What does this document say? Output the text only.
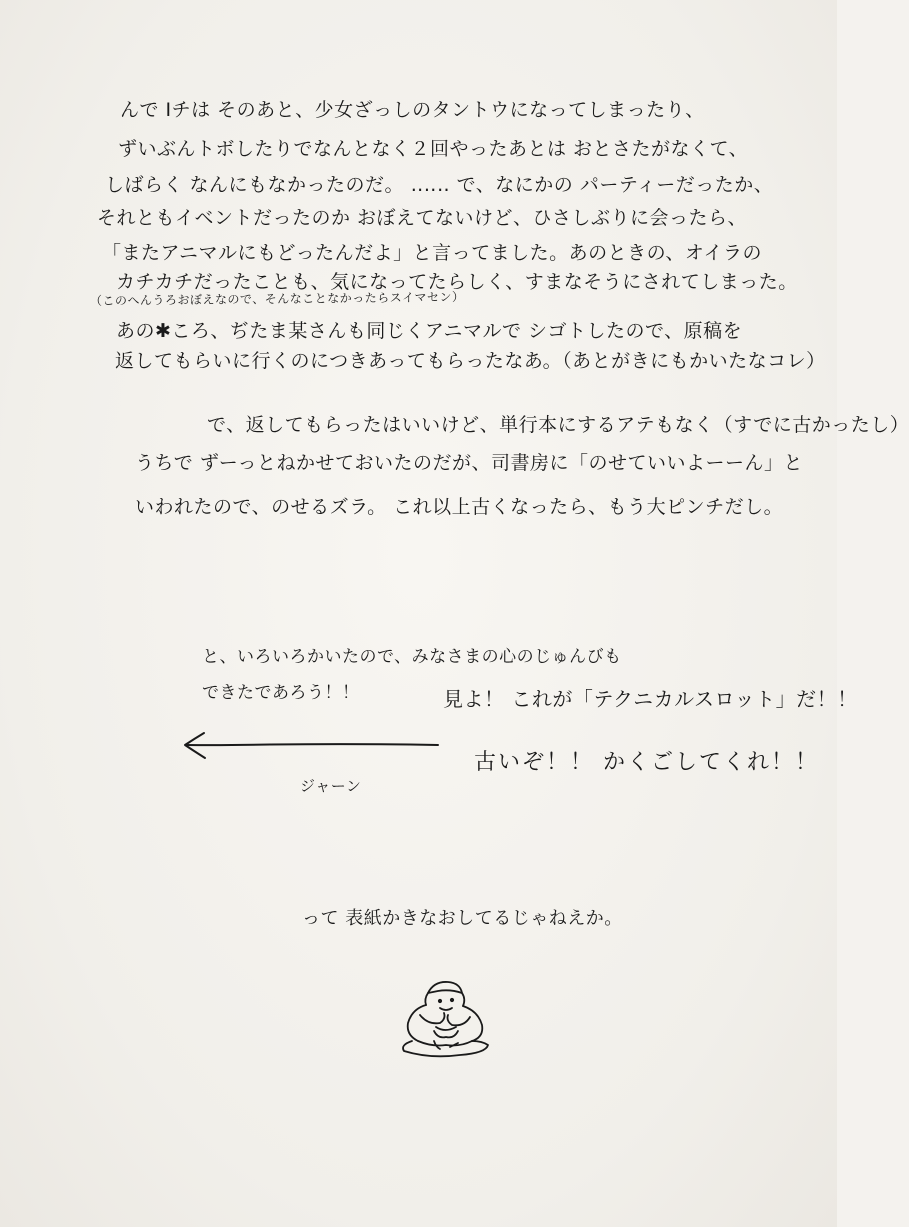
んで Iチは そのあと、少女ざっしのタントウになってしまったり、
ずいぶんトボしたりでなんとなく２回やったあとは おとさたがなくて、
しばらく なんにもなかったのだ。 ‥‥‥ で、なにかの パーティーだったか、
それともイベントだったのか おぼえてないけど、ひさしぶりに会ったら、
「またアニマルにもどったんだよ」と言ってました。あのときの、オイラの
カチカチだったことも、気になってたらしく、すまなそうにされてしまった。
（このへんうろおぼえなので、そんなことなかったらスイマセン）
あの✱ころ、ぢたま某さんも同じくアニマルで シゴトしたので、原稿を
返してもらいに行くのにつきあってもらったなあ。（あとがきにもかいたなコレ）
で、返してもらったはいいけど、単行本にするアテもなく（すでに古かったし）
うちで ずーっとねかせておいたのだが、司書房に「のせていいよーーん」と
いわれたので、のせるズラ。 これ以上古くなったら、もう大ピンチだし。
と、いろいろかいたので、みなさまの心のじゅんびも
できたであろう！！	見よ！ これが「テクニカルスロット」だ！！
古いぞ！！ かくごしてくれ！！
ジャーン
って 表紙かきなおしてるじゃねえか。
